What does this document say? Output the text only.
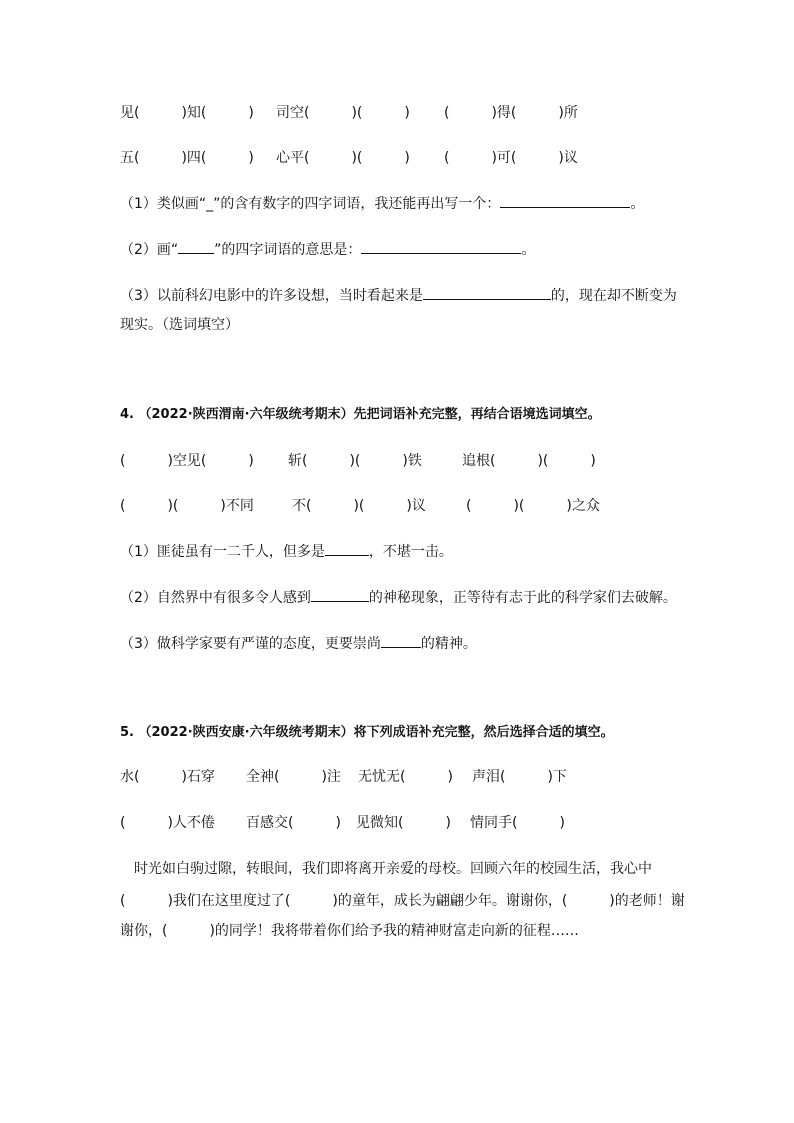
见(　　　)知(　　　) 司空(　　　)(　　　) (　　　)得(　　　)所
五(　　　)四(　　　) 心平(　　　)(　　　) (　　　)可(　　　)议
（1）类似画“_”的含有数字的四字词语，我还能再出写一个：	。
（2）画“	”的四字词语的意思是：	。
（3）以前科幻电影中的许多设想，当时看起来是	的，现在却不断变为
现实。（选词填空）
4. （2022·陕西渭南·六年级统考期末）先把词语补充完整，再结合语境选词填空。
(　　　)空见(　　　) 斩(　　　)(　　　)铁	追根(　　　)(　　　)
(　　　)(　　　)不同	不(　　　)(　　　)议	(　　　)(　　　)之众
（1）匪徒虽有一二千人，但多是	，不堪一击。
（2）自然界中有很多令人感到	的神秘现象，正等待有志于此的科学家们去破解。
（3）做科学家要有严谨的态度，更要崇尚	的精神。
5. （2022·陕西安康·六年级统考期末）将下列成语补充完整，然后选择合适的填空。
水(　　　)石穿 全神(　　　)注 无忧无(　　　) 声泪(　　　)下
(　　　)人不倦 百感交(　　　) 见微知(　　　) 情同手(　　　)
　时光如白驹过隙，转眼间，我们即将离开亲爱的母校。回顾六年的校园生活，我心中
(　　　)我们在这里度过了(　　　)的童年，成长为翩翩少年。谢谢你，(　　　)的老师！谢
谢你，(　　　)的同学！我将带着你们给予我的精神财富走向新的征程……
